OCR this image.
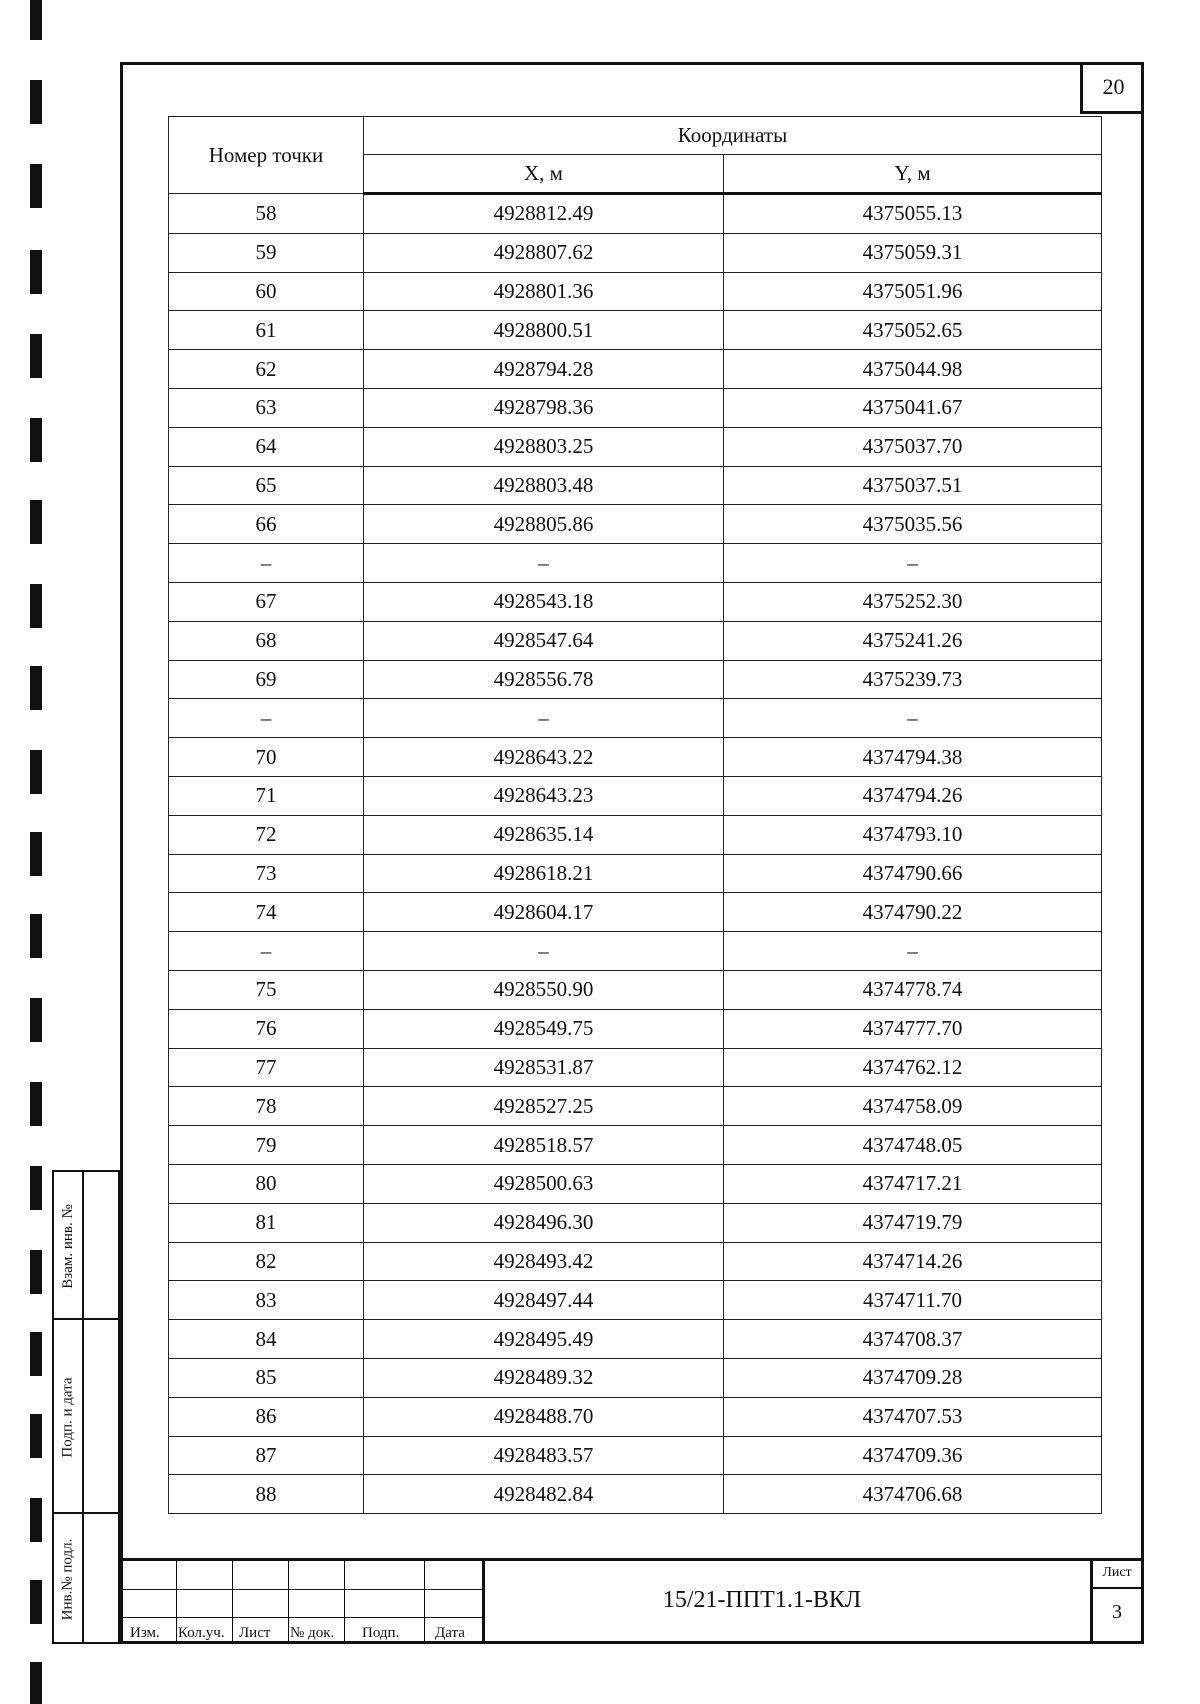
20
Номер точки	Координаты	
	X, м	Y, м
58	4928812.49	4375055.13
59	4928807.62	4375059.31
60	4928801.36	4375051.96
61	4928800.51	4375052.65
62	4928794.28	4375044.98
63	4928798.36	4375041.67
64	4928803.25	4375037.70
65	4928803.48	4375037.51
66	4928805.86	4375035.56
–	–	–
67	4928543.18	4375252.30
68	4928547.64	4375241.26
69	4928556.78	4375239.73
–	–	–
70	4928643.22	4374794.38
71	4928643.23	4374794.26
72	4928635.14	4374793.10
73	4928618.21	4374790.66
74	4928604.17	4374790.22
–	–	–
75	4928550.90	4374778.74
76	4928549.75	4374777.70
77	4928531.87	4374762.12
78	4928527.25	4374758.09
79	4928518.57	4374748.05
80	4928500.63	4374717.21
81	4928496.30	4374719.79
82	4928493.42	4374714.26
83	4928497.44	4374711.70
84	4928495.49	4374708.37
85	4928489.32	4374709.28
86	4928488.70	4374707.53
87	4928483.57	4374709.36
88	4928482.84	4374706.68
Взам. инв. №
Подп. и дата
Инв.№ подл.
Изм. Кол.уч. Лист № док. Подп. Дата
15/21-ППТ1.1-ВКЛ
Лист
3
